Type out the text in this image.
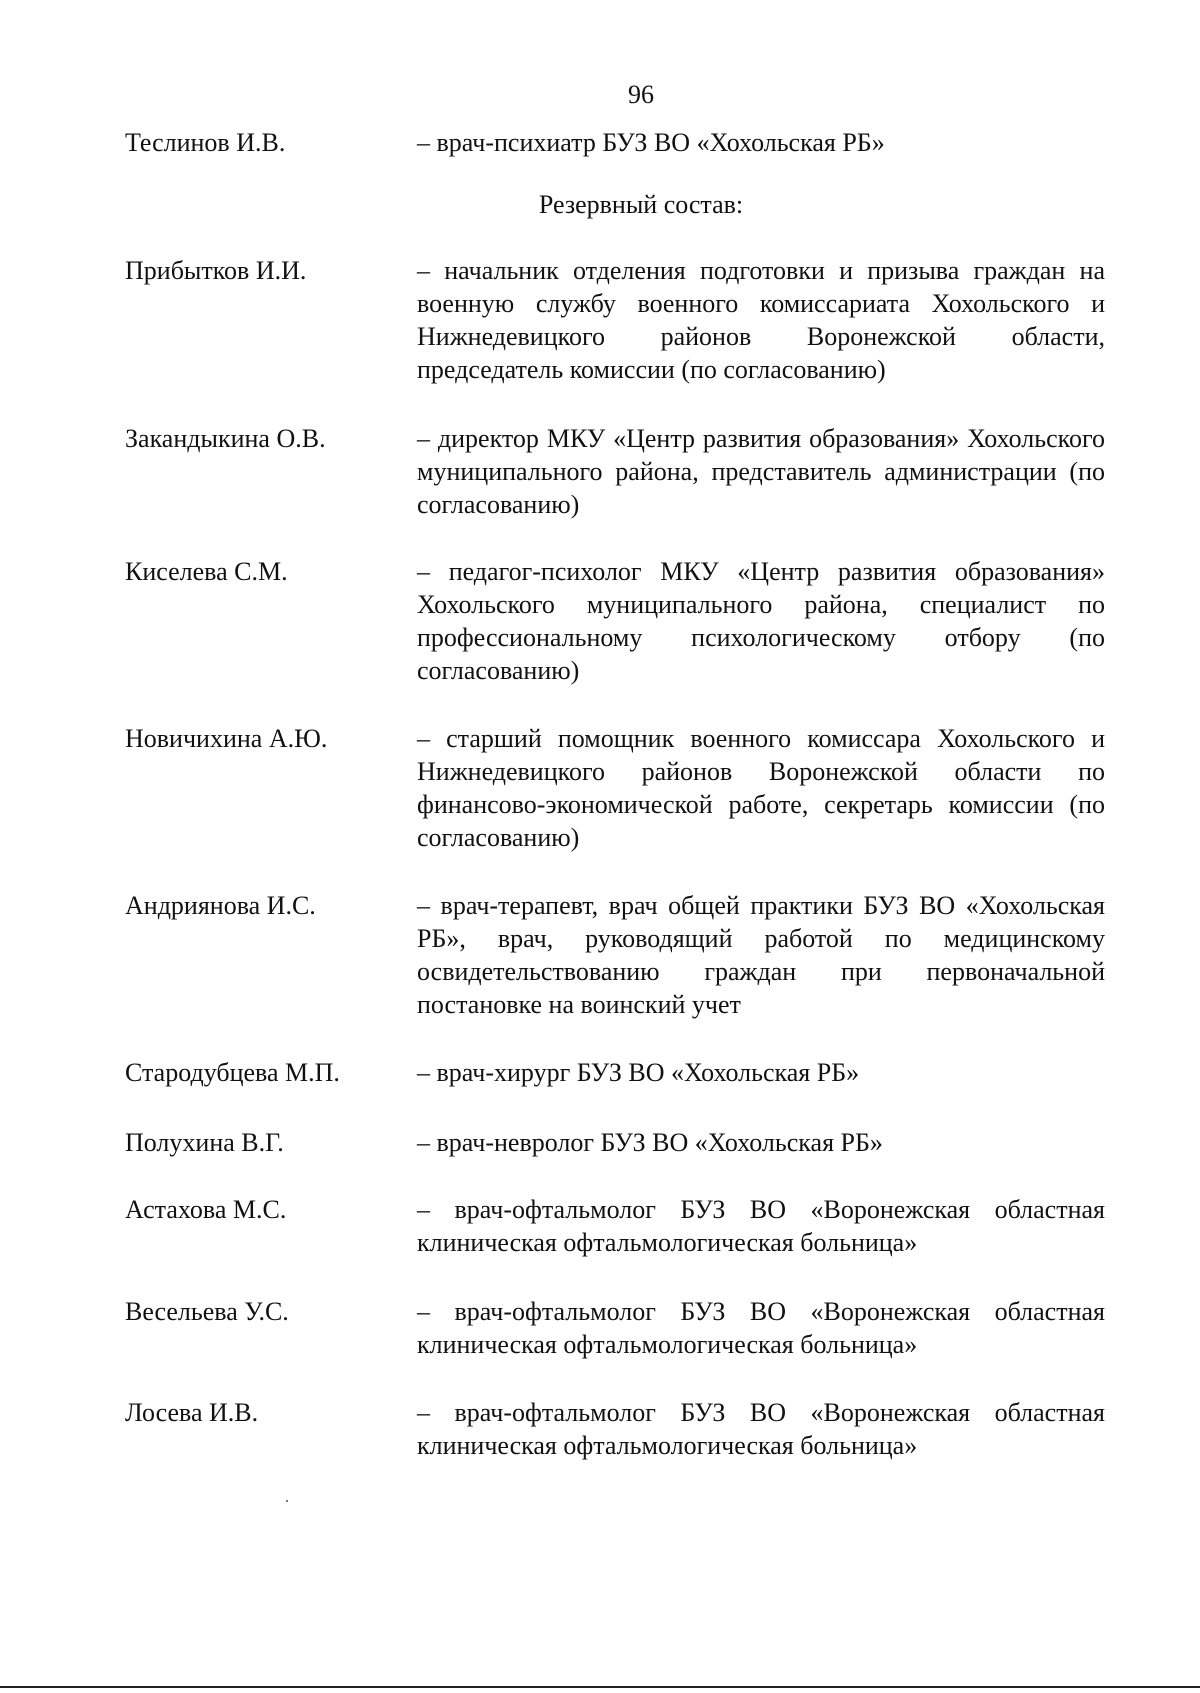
96
Теслинов И.В.	– врач-психиатр БУЗ ВО «Хохольская РБ»
Резервный состав:
Прибытков И.И.	– начальник отделения подготовки и призыва граждан на военную службу военного комиссариата Хохольского и Нижнедевицкого районов Воронежской области, председатель комиссии (по согласованию)
Закандыкина О.В.	– директор МКУ «Центр развития образования» Хохольского муниципального района, представитель администрации (по согласованию)
Киселева С.М.	– педагог-психолог МКУ «Центр развития образования» Хохольского муниципального района, специалист по профессиональному психологическому отбору (по согласованию)
Новичихина А.Ю.	– старший помощник военного комиссара Хохольского и Нижнедевицкого районов Воронежской области по финансово-экономической работе, секретарь комиссии (по согласованию)
Андриянова И.С.	– врач-терапевт, врач общей практики БУЗ ВО «Хохольская РБ», врач, руководящий работой по медицинскому освидетельствованию граждан при первоначальной постановке на воинский учет
Стародубцева М.П.	– врач-хирург БУЗ ВО «Хохольская РБ»
Полухина В.Г.	– врач-невролог БУЗ ВО «Хохольская РБ»
Астахова М.С.	– врач-офтальмолог БУЗ ВО «Воронежская областная клиническая офтальмологическая больница»
Весельева У.С.	– врач-офтальмолог БУЗ ВО «Воронежская областная клиническая офтальмологическая больница»
Лосева И.В.	– врач-офтальмолог БУЗ ВО «Воронежская областная клиническая офтальмологическая больница»
